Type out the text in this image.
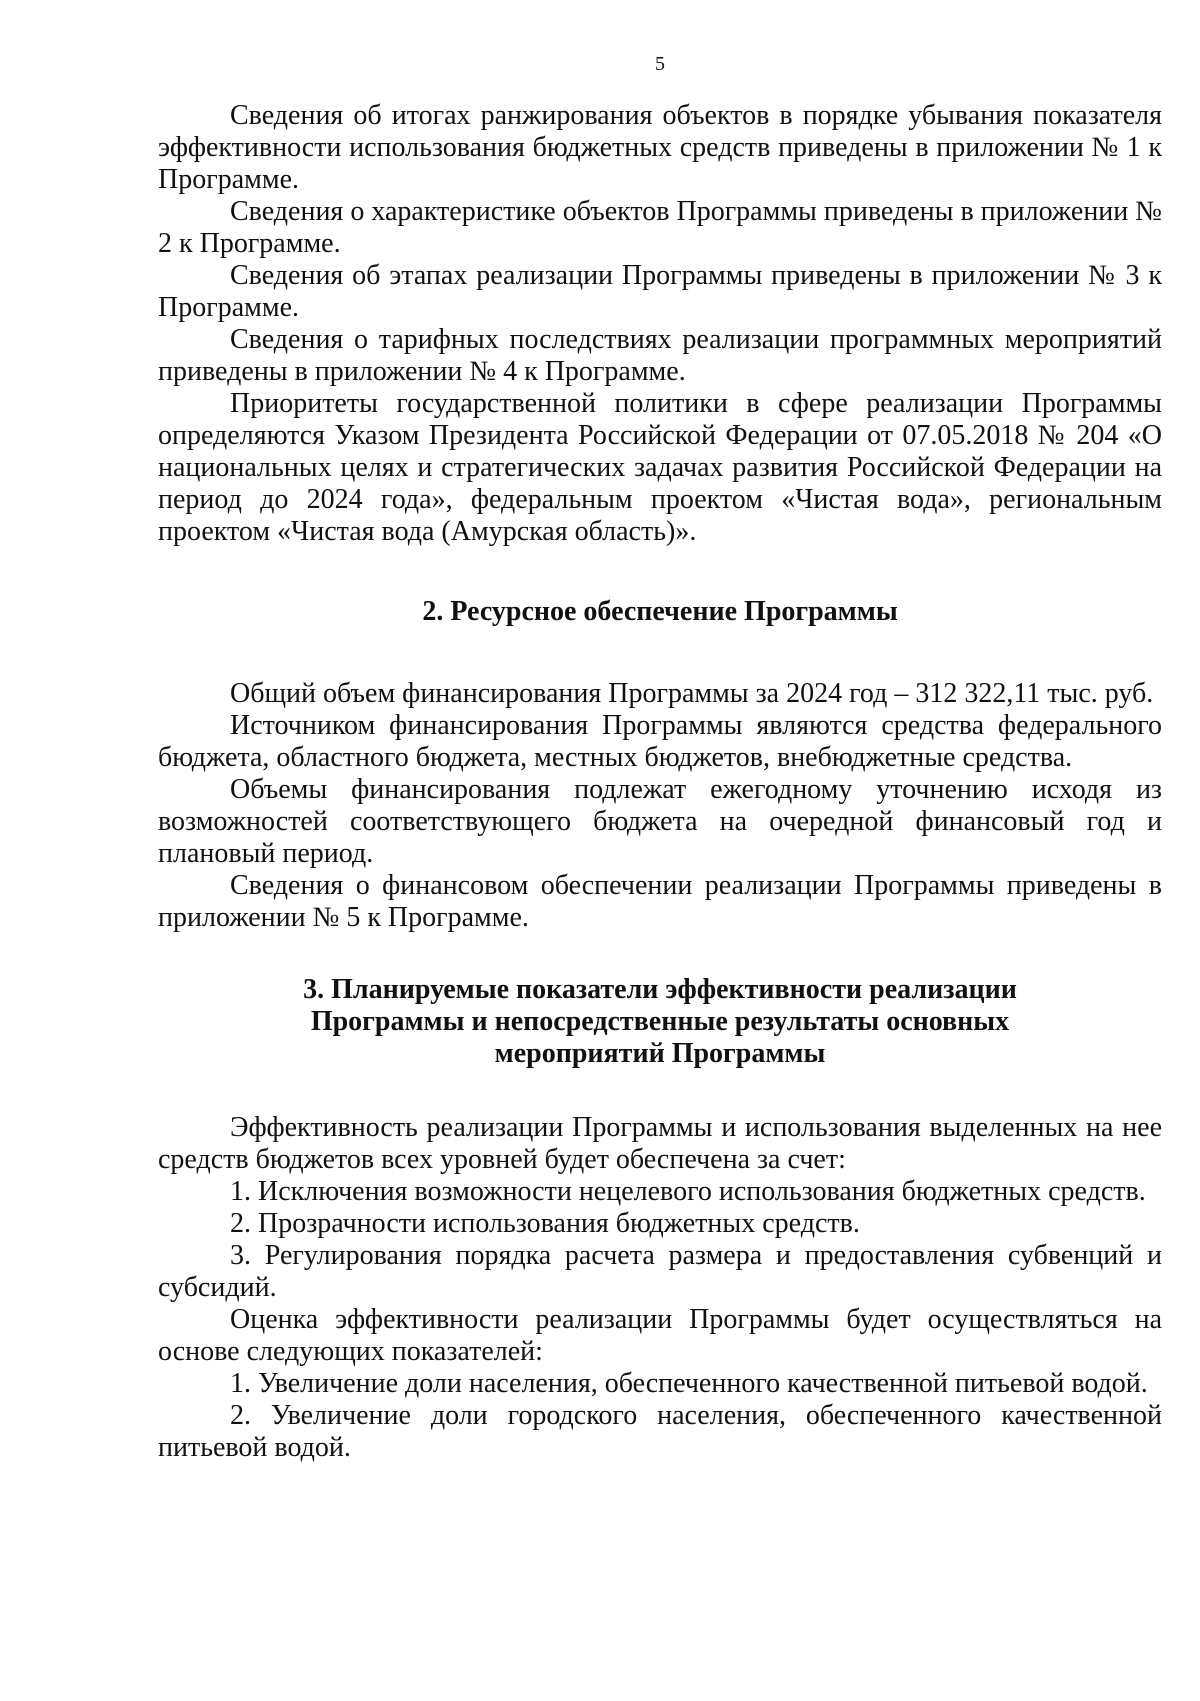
5

Сведения об итогах ранжирования объектов в порядке убывания показателя эффективности использования бюджетных средств приведены в приложении № 1 к Программе.

Сведения о характеристике объектов Программы приведены в приложении № 2 к Программе.

Сведения об этапах реализации Программы приведены в приложении № 3 к Программе.

Сведения о тарифных последствиях реализации программных мероприятий приведены в приложении № 4 к Программе.

Приоритеты государственной политики в сфере реализации Программы определяются Указом Президента Российской Федерации от 07.05.2018 № 204 «О национальных целях и стратегических задачах развития Российской Федерации на период до 2024 года», федеральным проектом «Чистая вода», региональным проектом «Чистая вода (Амурская область)».

2. Ресурсное обеспечение Программы

Общий объем финансирования Программы за 2024 год – 312 322,11 тыс. руб.

Источником финансирования Программы являются средства федерального бюджета, областного бюджета, местных бюджетов, внебюджетные средства.

Объемы финансирования подлежат ежегодному уточнению исходя из возможностей соответствующего бюджета на очередной финансовый год и плановый период.

Сведения о финансовом обеспечении реализации Программы приведены в приложении № 5 к Программе.

3. Планируемые показатели эффективности реализации
Программы и непосредственные результаты основных
мероприятий Программы

Эффективность реализации Программы и использования выделенных на нее средств бюджетов всех уровней будет обеспечена за счет:

1. Исключения возможности нецелевого использования бюджетных средств.

2. Прозрачности использования бюджетных средств.

3. Регулирования порядка расчета размера и предоставления субвенций и субсидий.

Оценка эффективности реализации Программы будет осуществляться на основе следующих показателей:

1. Увеличение доли населения, обеспеченного качественной питьевой водой.

2. Увеличение доли городского населения, обеспеченного качественной питьевой водой.
